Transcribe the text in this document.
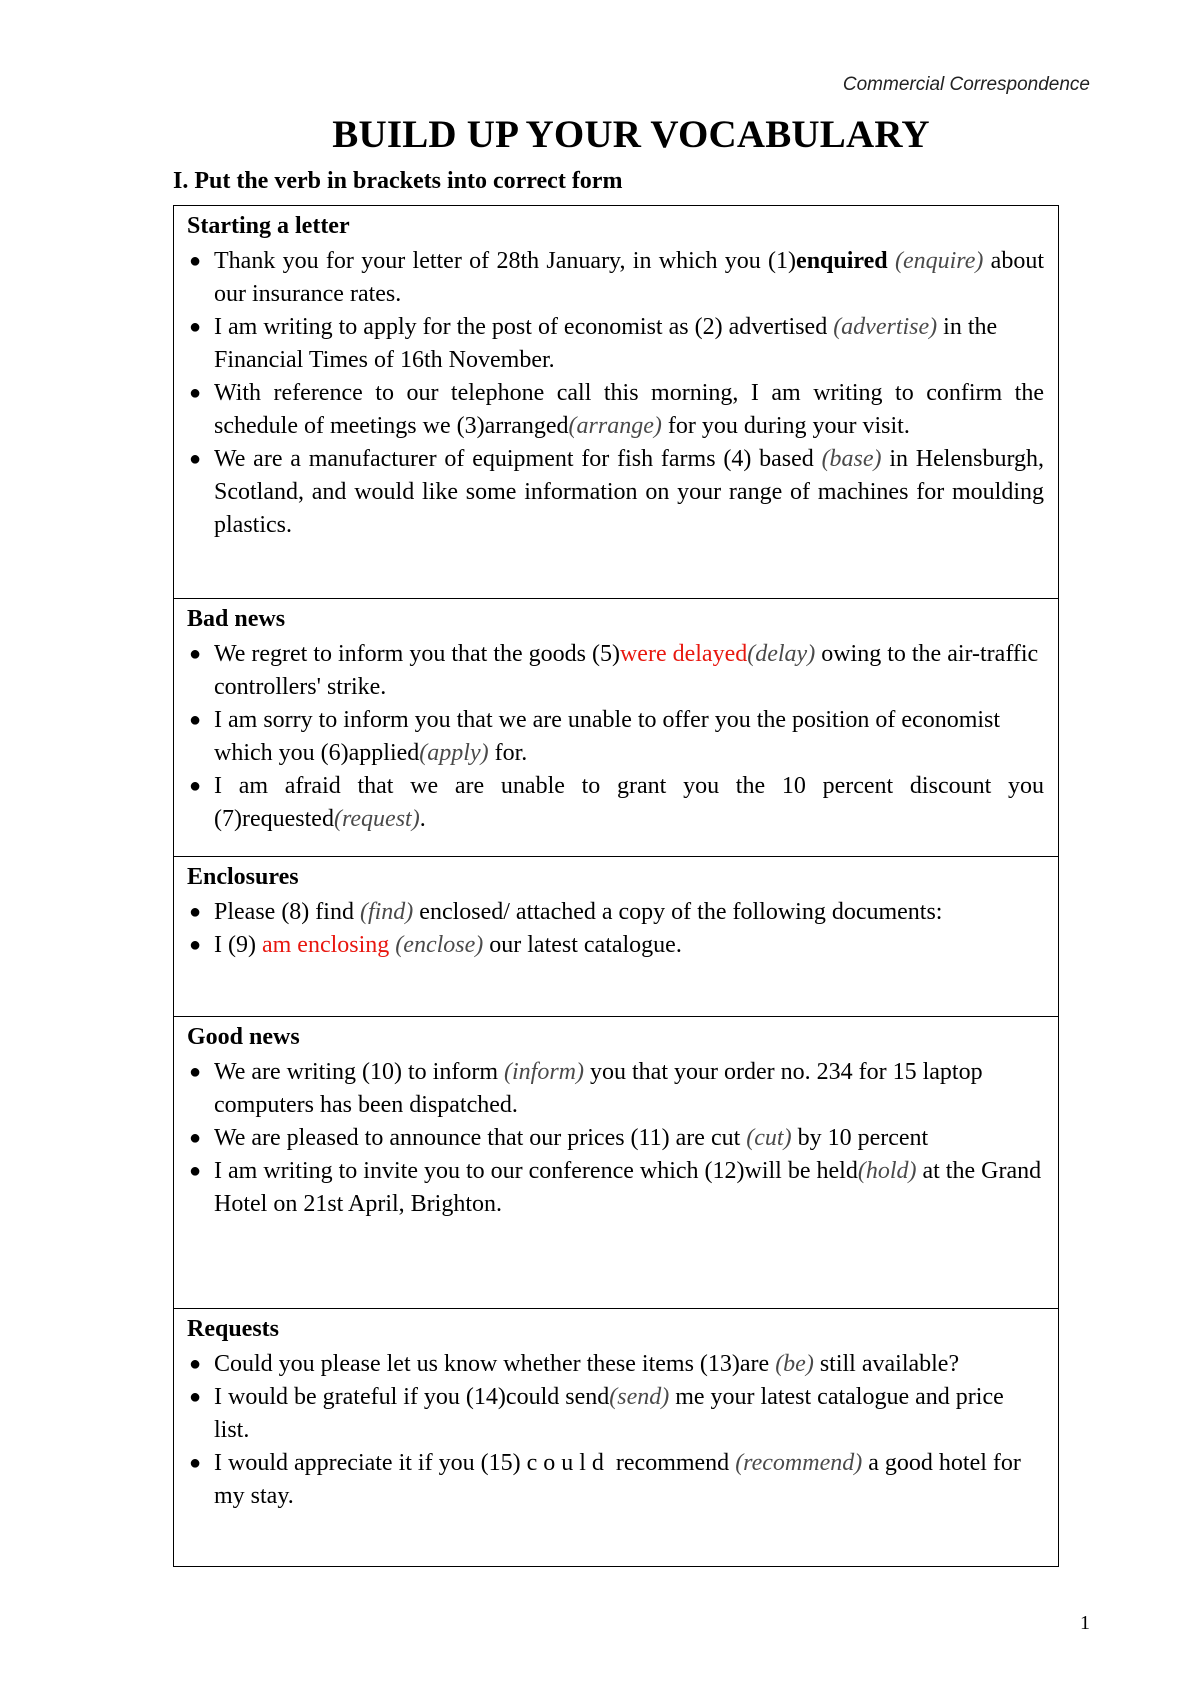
Commercial Correspondence
BUILD UP YOUR VOCABULARY
I. Put the verb in brackets into correct form
Starting a letter
● Thank you for your letter of 28th January, in which you (1)enquired (enquire) about our insurance rates.
● I am writing to apply for the post of economist as (2) advertised (advertise) in the Financial Times of 16th November.
● With reference to our telephone call this morning, I am writing to confirm the schedule of meetings we (3)arranged(arrange) for you during your visit.
● We are a manufacturer of equipment for fish farms (4) based (base) in Helensburgh, Scotland, and would like some information on your range of machines for moulding plastics.
Bad news
● We regret to inform you that the goods (5)were delayed(delay) owing to the air-traffic controllers' strike.
● I am sorry to inform you that we are unable to offer you the position of economist which you (6)applied(apply) for.
● I am afraid that we are unable to grant you the 10 percent discount you (7)requested(request).
Enclosures
● Please (8) find (find) enclosed/ attached a copy of the following documents:
● I (9) am enclosing (enclose) our latest catalogue.
Good news
● We are writing (10) to inform (inform) you that your order no. 234 for 15 laptop computers has been dispatched.
● We are pleased to announce that our prices (11) are cut (cut) by 10 percent
● I am writing to invite you to our conference which (12)will be held(hold) at the Grand Hotel on 21st April, Brighton.
Requests
● Could you please let us know whether these items (13)are (be) still available?
● I would be grateful if you (14)could send(send) me your latest catalogue and price list.
● I would appreciate it if you (15) could recommend (recommend) a good hotel for my stay.
1
